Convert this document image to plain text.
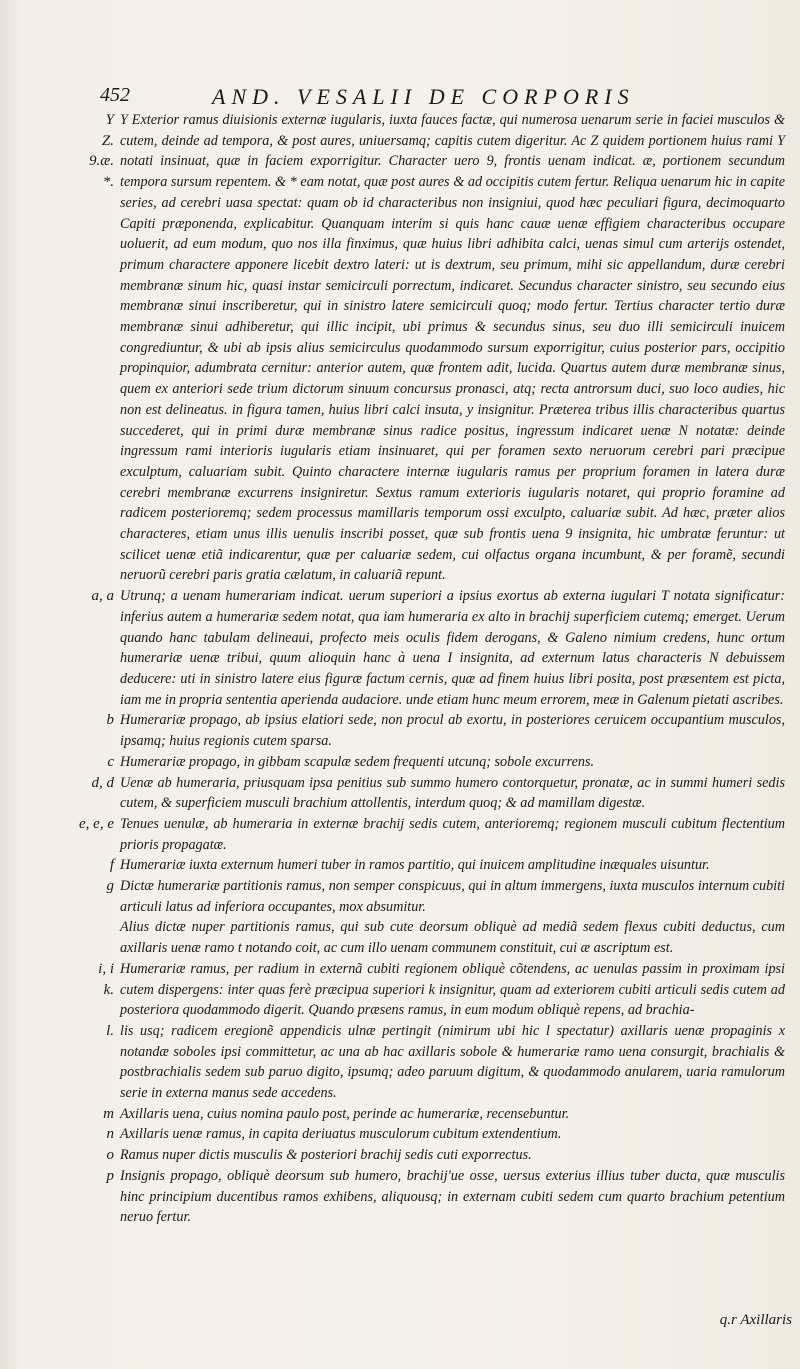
452	AND. VESALII DE CORPORIS
Y
Z.
9.æ.
*.
Y Exterior ramus diuisionis externæ iugularis, iuxta fauces factæ, qui numerosa uenarum serie in faciei musculos & cutem, deinde ad tempora, & post aures, uniuersamq; capitis cutem digeritur. Ac Z quidem portionem huius rami Y notati insinuat, quæ in faciem exporrigitur. Character uero 9, frontis uenam indicat. æ, portionem secundum tempora sursum repentem. & * eam notat, quæ post aures & ad occipitis cutem fertur. Reliqua uenarum hic in capite series, ad cerebri uasa spectat: quam ob id characteribus non insigniui, quod hæc peculiari figura, decimoquarto Capiti præponenda, explicabitur. Quanquam interim si quis hanc cauæ uenæ effigiem characteribus occupare uoluerit, ad eum modum, quo nos illa finximus, quæ huius libri adhibita calci, uenas simul cum arterijs ostendet, primum charactere apponere licebit dextro lateri: ut is dextrum, seu primum, mihi sic appellandum, duræ cerebri membranæ sinum hic, quasi instar semicirculi porrectum, indicaret. Secundus character sinistro, seu secundo eius membranæ sinui inscriberetur, qui in sinistro latere semicirculi quoq; modo fertur. Tertius character tertio duræ membranæ sinui adhiberetur, qui illic incipit, ubi primus & secundus sinus, seu duo illi semicirculi inuicem congrediuntur, & ubi ab ipsis alius semicirculus quodammodo sursum exporrigitur, cuius posterior pars, occipitio propinquior, adumbrata cernitur: anterior autem, quæ frontem adit, lucida. Quartus autem duræ membranæ sinus, quem ex anteriori sede trium dictorum sinuum concursus pronasci, atq; recta antrorsum duci, suo loco audies, hic non est delineatus. in figura tamen, huius libri calci insuta, y insignitur. Præterea tribus illis characteribus quartus succederet, qui in primi duræ membranæ sinus radice positus, ingressum indicaret uenæ N notatæ: deinde ingressum rami interioris iugularis etiam insinuaret, qui per foramen sexto neruorum cerebri pari præcipue exculptum, caluariam subit. Quinto charactere internæ iugularis ramus per proprium foramen in latera duræ cerebri membranæ excurrens insigniretur. Sextus ramum exterioris iugularis notaret, qui proprio foramine ad radicem posterioremq; sedem processus mamillaris temporum ossi exculpto, caluariæ subit. Ad hæc, præter alios characteres, etiam unus illis uenulis inscribi posset, quæ sub frontis uena 9 insignita, hic umbratæ feruntur: ut scilicet uenæ etiã indicarentur, quæ per caluariæ sedem, cui olfactus organa incumbunt, & per foramẽ, secundi neruorũ cerebri paris gratia cælatum, in caluariã repunt.
a, a Utrunq; a uenam humerariam indicat. uerum superiori a ipsius exortus ab externa iugulari T notata significatur: inferius autem a humerariæ sedem notat, qua iam humeraria ex alto in brachij superficiem cutemq; emerget. Uerum quando hanc tabulam delineaui, profecto meis oculis fidem derogans, & Galeno nimium credens, hunc ortum humerariæ uenæ tribui, quum alioquin hanc à uena I insignita, ad externum latus characteris N debuissem deducere: uti in sinistro latere eius figuræ factum cernis, quæ ad finem huius libri posita, post præsentem est picta, iam me in propria sententia aperienda audaciore. unde etiam hunc meum errorem, meæ in Galenum pietati ascribes.
b Humerariæ propago, ab ipsius elatiori sede, non procul ab exortu, in posteriores ceruicem occupantium musculos, ipsamq; huius regionis cutem sparsa.
c Humerariæ propago, in gibbam scapulæ sedem frequenti utcunq; sobole excurrens.
d, d Uenæ ab humeraria, priusquam ipsa penitius sub summo humero contorquetur, pronatæ, ac in summi humeri sedis cutem, & superficiem musculi brachium attollentis, interdum quoq; & ad mamillam digestæ.
e, e, e Tenues uenulæ, ab humeraria in externæ brachij sedis cutem, anterioremq; regionem musculi cubitum flectentium prioris propagatæ.
f Humerariæ iuxta externum humeri tuber in ramos partitio, qui inuicem amplitudine inæquales uisuntur.
g Dictæ humerariæ partitionis ramus, non semper conspicuus, qui in altum immergens, iuxta musculos internum cubiti articuli latus ad inferiora occupantes, mox absumitur.
Alius dictæ nuper partitionis ramus, qui sub cute deorsum obliquè ad mediã sedem flexus cubiti deductus, cum axillaris uenæ ramo t notando coit, ac cum illo uenam communem constituit, cui æ ascriptum est.
i, i
k.
Humerariæ ramus, per radium in externã cubiti regionem obliquè cõtendens, ac uenulas passim in proximam ipsi cutem dispergens: inter quas ferè præcipua superiori k insignitur, quam ad exteriorem cubiti articuli sedis cutem ad posteriora quodammodo digerit. Quando præsens ramus, in eum modum obliquè repens, ad brachia-
l. lis usq; radicem eregionẽ appendicis ulnæ pertingit (nimirum ubi hic l spectatur) axillaris uenæ propaginis x notandæ soboles ipsi committetur, ac una ab hac axillaris sobole & humerariæ ramo uena consurgit, brachialis & postbrachialis sedem sub paruo digito, ipsumq; adeo paruum digitum, & quodammodo anularem, uaria ramulorum serie in externa manus sede accedens.
m Axillaris uena, cuius nomina paulo post, perinde ac humerariæ, recensebuntur.
n Axillaris uenæ ramus, in capita deriuatus musculorum cubitum extendentium.
o Ramus nuper dictis musculis & posteriori brachij sedis cuti exporrectus.
p Insignis propago, obliquè deorsum sub humero, brachij'ue osse, uersus exterius illius tuber ducta, quæ musculis hinc principium ducentibus ramos exhibens, aliquousq; in externam cubiti sedem cum quarto brachium petentium neruo fertur.
q.r Axillaris
